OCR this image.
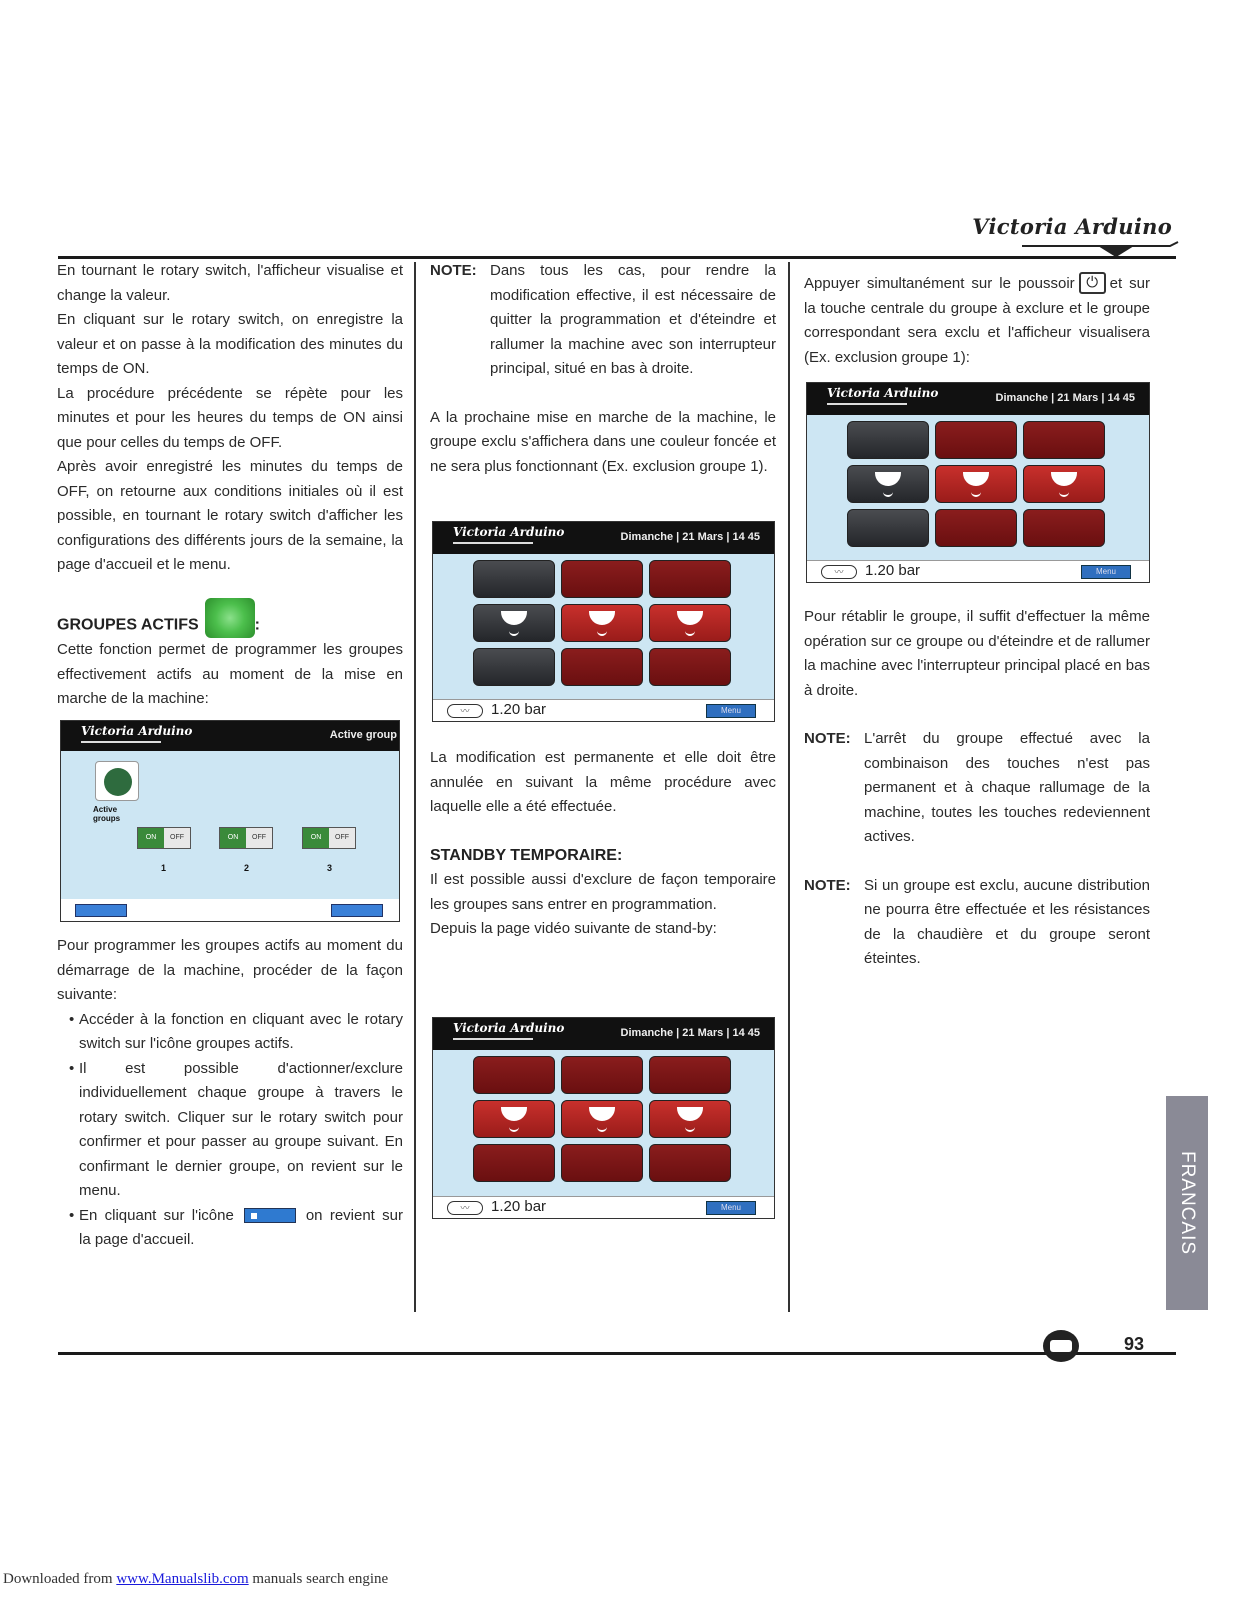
Victoria Arduino

En tournant le rotary switch, l'afficheur visualise et change la valeur.

En cliquant sur le rotary switch, on enregistre la valeur et on passe à la modification des minutes du temps de ON.

La procédure précédente se répète pour les minutes et pour les heures du temps de ON ainsi que pour celles du temps de OFF.

Après avoir enregistré les minutes du temps de OFF, on retourne aux conditions initiales où il est possible, en tournant le rotary switch d'afficher les configurations des différents jours de la semaine, la page d'accueil et le menu.

GROUPES ACTIFS	:

Cette fonction permet de programmer les groupes effectivement actifs au moment de la mise en marche de la machine:

Victoria Arduino	Active group
Active
groups
ON	OFF	ON	OFF	ON	OFF
1	2	3

Pour programmer les groupes actifs au moment du démarrage de la machine, procéder de la façon suivante:

• Accéder à la fonction en cliquant avec le rotary switch sur l'icône groupes actifs.
• Il est possible d'actionner/exclure individuellement chaque groupe à travers le rotary switch. Cliquer sur le rotary switch pour confirmer et pour passer au groupe suivant. En confirmant le dernier groupe, on revient sur le menu.
• En cliquant sur l'icône	on revient sur la page d'accueil.
NOTE: Dans tous les cas, pour rendre la modification effective, il est nécessaire de quitter la programmation et d'éteindre et rallumer la machine avec son interrupteur principal, situé en bas à droite.

A la prochaine mise en marche de la machine, le groupe exclu s'affichera dans une couleur foncée et ne sera plus fonctionnant (Ex. exclusion groupe 1).

Victoria Arduino	Dimanche | 21 Mars | 14 45
〰	1.20 bar	Menu

La modification est permanente et elle doit être annulée en suivant la même procédure avec laquelle elle a été effectuée.

STANDBY TEMPORAIRE:

Il est possible aussi d'exclure de façon temporaire les groupes sans entrer en programmation.

Depuis la page vidéo suivante de stand-by:

Victoria Arduino	Dimanche | 21 Mars | 14 45
〰	1.20 bar	Menu

Appuyer simultanément sur le poussoir ⏻ et sur la touche centrale du groupe à exclure et le groupe correspondant sera exclu et l'afficheur visualisera (Ex. exclusion groupe 1):

Victoria Arduino	Dimanche | 21 Mars | 14 45
〰	1.20 bar	Menu

Pour rétablir le groupe, il suffit d'effectuer la même opération sur ce groupe ou d'éteindre et de rallumer la machine avec l'interrupteur principal placé en bas à droite.

NOTE: L'arrêt du groupe effectué avec la combinaison des touches n'est pas permanent et à chaque rallumage de la machine, toutes les touches redeviennent actives.
NOTE: Si un groupe est exclu, aucune distribution ne pourra être effectuée et les résistances de la chaudière et du groupe seront éteintes.
FRANCAIS
93
Downloaded from www.Manualslib.com manuals search engine
